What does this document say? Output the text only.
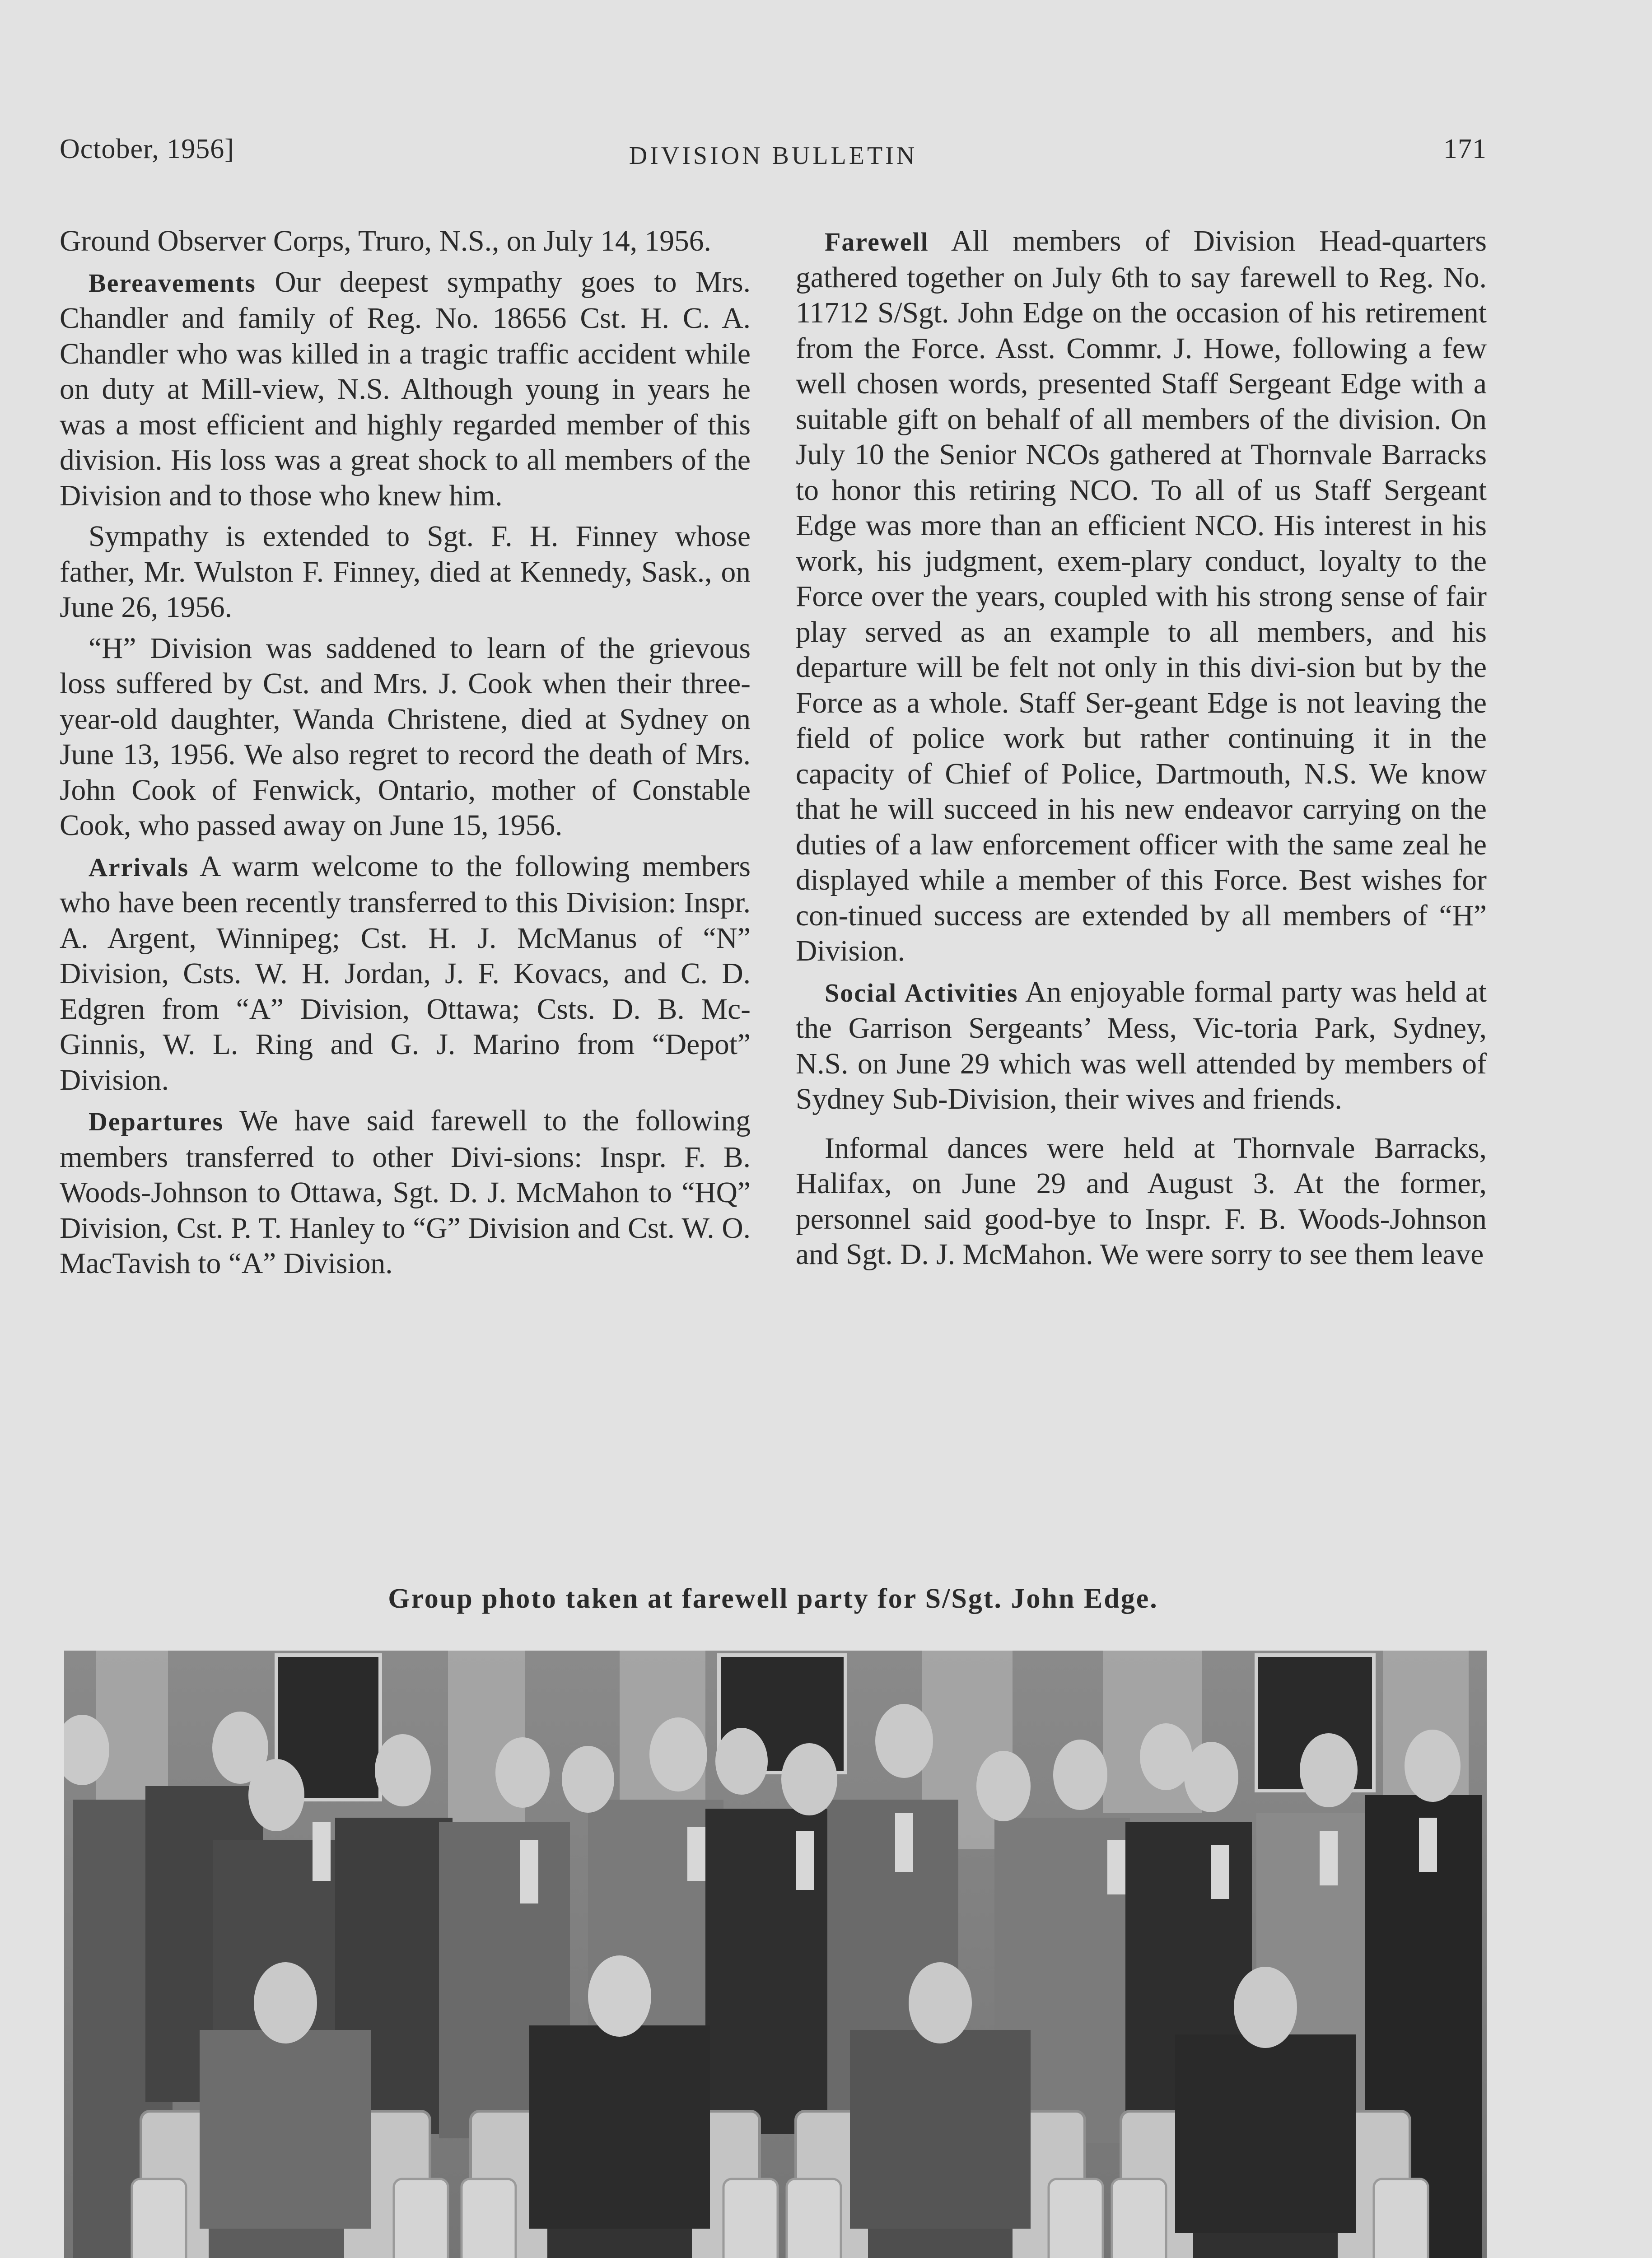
October, 1956]	DIVISION BULLETIN	171

Ground Observer Corps, Truro, N.S., on July 14, 1956.

Bereavements Our deepest sympathy goes to Mrs. Chandler and family of Reg. No. 18656 Cst. H. C. A. Chandler who was killed in a tragic traffic accident while on duty at Mill-view, N.S. Although young in years he was a most efficient and highly regarded member of this division. His loss was a great shock to all members of the Division and to those who knew him.

Sympathy is extended to Sgt. F. H. Finney whose father, Mr. Wulston F. Finney, died at Kennedy, Sask., on June 26, 1956.

“H” Division was saddened to learn of the grievous loss suffered by Cst. and Mrs. J. Cook when their three-year-old daughter, Wanda Christene, died at Sydney on June 13, 1956. We also regret to record the death of Mrs. John Cook of Fenwick, Ontario, mother of Constable Cook, who passed away on June 15, 1956.

Arrivals A warm welcome to the following members who have been recently transferred to this Division: Inspr. A. Argent, Winnipeg; Cst. H. J. McManus of “N” Division, Csts. W. H. Jordan, J. F. Kovacs, and C. D. Edgren from “A” Division, Ottawa; Csts. D. B. Mc-Ginnis, W. L. Ring and G. J. Marino from “Depot” Division.

Departures We have said farewell to the following members transferred to other Divi-sions: Inspr. F. B. Woods-Johnson to Ottawa, Sgt. D. J. McMahon to “HQ” Division, Cst. P. T. Hanley to “G” Division and Cst. W. O. MacTavish to “A” Division.

Farewell All members of Division Head-quarters gathered together on July 6th to say farewell to Reg. No. 11712 S/Sgt. John Edge on the occasion of his retirement from the Force. Asst. Commr. J. Howe, following a few well chosen words, presented Staff Sergeant Edge with a suitable gift on behalf of all members of the division. On July 10 the Senior NCOs gathered at Thornvale Barracks to honor this retiring NCO. To all of us Staff Sergeant Edge was more than an efficient NCO. His interest in his work, his judgment, exem-plary conduct, loyalty to the Force over the years, coupled with his strong sense of fair play served as an example to all members, and his departure will be felt not only in this divi-sion but by the Force as a whole. Staff Ser-geant Edge is not leaving the field of police work but rather continuing it in the capacity of Chief of Police, Dartmouth, N.S. We know that he will succeed in his new endeavor carrying on the duties of a law enforcement officer with the same zeal he displayed while a member of this Force. Best wishes for con-tinued success are extended by all members of “H” Division.

Social Activities An enjoyable formal party was held at the Garrison Sergeants’ Mess, Vic-toria Park, Sydney, N.S. on June 29 which was well attended by members of Sydney Sub-Division, their wives and friends.

Informal dances were held at Thornvale Barracks, Halifax, on June 29 and August 3. At the former, personnel said good-bye to Inspr. F. B. Woods-Johnson and Sgt. D. J. McMahon. We were sorry to see them leave

Group photo taken at farewell party for S/Sgt. John Edge.
